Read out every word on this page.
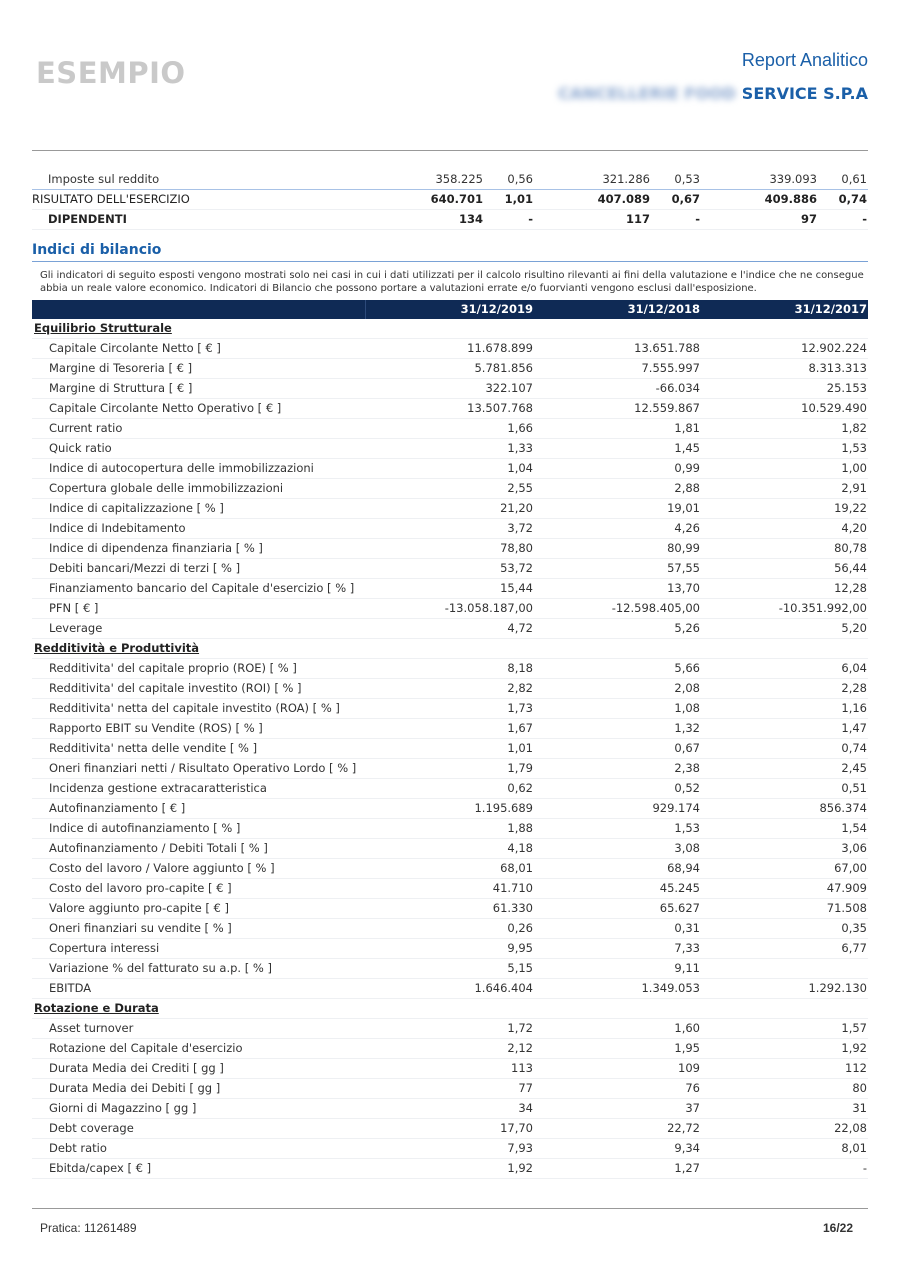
ESEMPIO	Report Analitico
CANCELLERIE FOOD SERVICE S.P.A
Imposte sul reddito	358.225 0,56	321.286 0,53	339.093 0,61
RISULTATO DELL'ESERCIZIO	640.701 1,01	407.089 0,67	409.886 0,74
DIPENDENTI	134	-	117	-	97	-
Indici di bilancio
Gli indicatori di seguito esposti vengono mostrati solo nei casi in cui i dati utilizzati per il calcolo risultino rilevanti ai fini della valutazione e l'indice che ne consegue abbia un reale valore economico. Indicatori di Bilancio che possono portare a valutazioni errate e/o fuorvianti vengono esclusi dall'esposizione.
31/12/2019	31/12/2018	31/12/2017
Equilibrio Strutturale
Capitale Circolante Netto [ € ]	11.678.899	13.651.788	12.902.224
Margine di Tesoreria [ € ]	5.781.856	7.555.997	8.313.313
Margine di Struttura [ € ]	322.107	-66.034	25.153
Capitale Circolante Netto Operativo [ € ]	13.507.768	12.559.867	10.529.490
Current ratio	1,66	1,81	1,82
Quick ratio	1,33	1,45	1,53
Indice di autocopertura delle immobilizzazioni	1,04	0,99	1,00
Copertura globale delle immobilizzazioni	2,55	2,88	2,91
Indice di capitalizzazione [ % ]	21,20	19,01	19,22
Indice di Indebitamento	3,72	4,26	4,20
Indice di dipendenza finanziaria [ % ]	78,80	80,99	80,78
Debiti bancari/Mezzi di terzi [ % ]	53,72	57,55	56,44
Finanziamento bancario del Capitale d'esercizio [ % ]	15,44	13,70	12,28
PFN [ € ]	-13.058.187,00	-12.598.405,00	-10.351.992,00
Leverage	4,72	5,26	5,20
Redditività e Produttività
Redditivita' del capitale proprio (ROE) [ % ]	8,18	5,66	6,04
Redditivita' del capitale investito (ROI) [ % ]	2,82	2,08	2,28
Redditivita' netta del capitale investito (ROA) [ % ]	1,73	1,08	1,16
Rapporto EBIT su Vendite (ROS) [ % ]	1,67	1,32	1,47
Redditivita' netta delle vendite [ % ]	1,01	0,67	0,74
Oneri finanziari netti / Risultato Operativo Lordo [ % ]	1,79	2,38	2,45
Incidenza gestione extracaratteristica	0,62	0,52	0,51
Autofinanziamento [ € ]	1.195.689	929.174	856.374
Indice di autofinanziamento [ % ]	1,88	1,53	1,54
Autofinanziamento / Debiti Totali [ % ]	4,18	3,08	3,06
Costo del lavoro / Valore aggiunto [ % ]	68,01	68,94	67,00
Costo del lavoro pro-capite [ € ]	41.710	45.245	47.909
Valore aggiunto pro-capite [ € ]	61.330	65.627	71.508
Oneri finanziari su vendite [ % ]	0,26	0,31	0,35
Copertura interessi	9,95	7,33	6,77
Variazione % del fatturato su a.p. [ % ]	5,15	9,11
EBITDA	1.646.404	1.349.053	1.292.130
Rotazione e Durata
Asset turnover	1,72	1,60	1,57
Rotazione del Capitale d'esercizio	2,12	1,95	1,92
Durata Media dei Crediti [ gg ]	113	109	112
Durata Media dei Debiti [ gg ]	77	76	80
Giorni di Magazzino [ gg ]	34	37	31
Debt coverage	17,70	22,72	22,08
Debt ratio	7,93	9,34	8,01
Ebitda/capex [ € ]	1,92	1,27	-
Pratica: 11261489	16/22
